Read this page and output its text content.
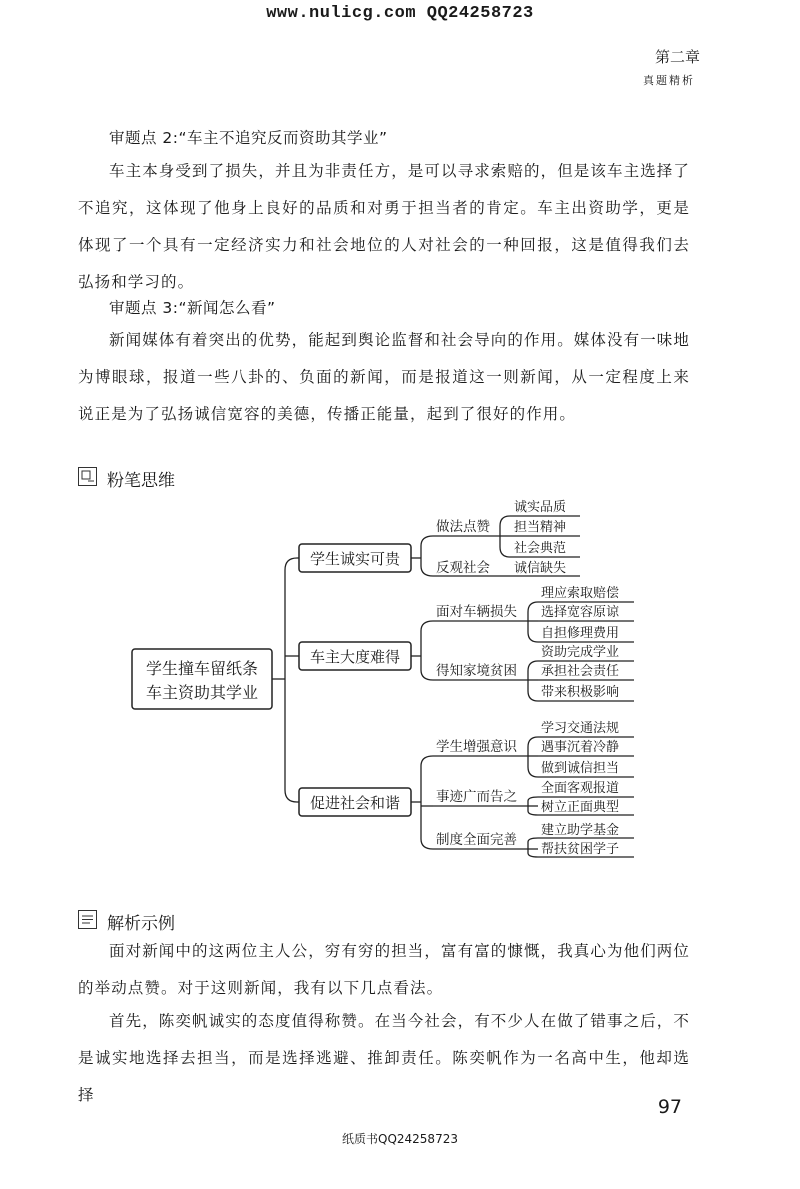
www.nulicg.com QQ24258723
第二章
真题精析
审题点 2:“车主不追究反而资助其学业”
车主本身受到了损失，并且为非责任方，是可以寻求索赔的，但是该车主选择了不追究，这体现了他身上良好的品质和对勇于担当者的肯定。车主出资助学，更是体现了一个具有一定经济实力和社会地位的人对社会的一种回报，这是值得我们去弘扬和学习的。
审题点 3:“新闻怎么看”
新闻媒体有着突出的优势，能起到舆论监督和社会导向的作用。媒体没有一味地为博眼球，报道一些八卦的、负面的新闻，而是报道这一则新闻，从一定程度上来说正是为了弘扬诚信宽容的美德，传播正能量，起到了很好的作用。
粉笔思维
学生撞车留纸条
车主资助其学业
学生诚实可贵
车主大度难得
促进社会和谐
做法点赞
反观社会
面对车辆损失
得知家境贫困
学生增强意识
事迹广而告之
制度全面完善
诚实品质
担当精神
社会典范
诚信缺失
理应索取赔偿
选择宽容原谅
自担修理费用
资助完成学业
承担社会责任
带来积极影响
学习交通法规
遇事沉着冷静
做到诚信担当
全面客观报道
树立正面典型
建立助学基金
帮扶贫困学子
解析示例
面对新闻中的这两位主人公，穷有穷的担当，富有富的慷慨，我真心为他们两位的举动点赞。对于这则新闻，我有以下几点看法。
首先，陈奕帆诚实的态度值得称赞。在当今社会，有不少人在做了错事之后，不是诚实地选择去担当，而是选择逃避、推卸责任。陈奕帆作为一名高中生，他却选择
97
纸质书QQ24258723
